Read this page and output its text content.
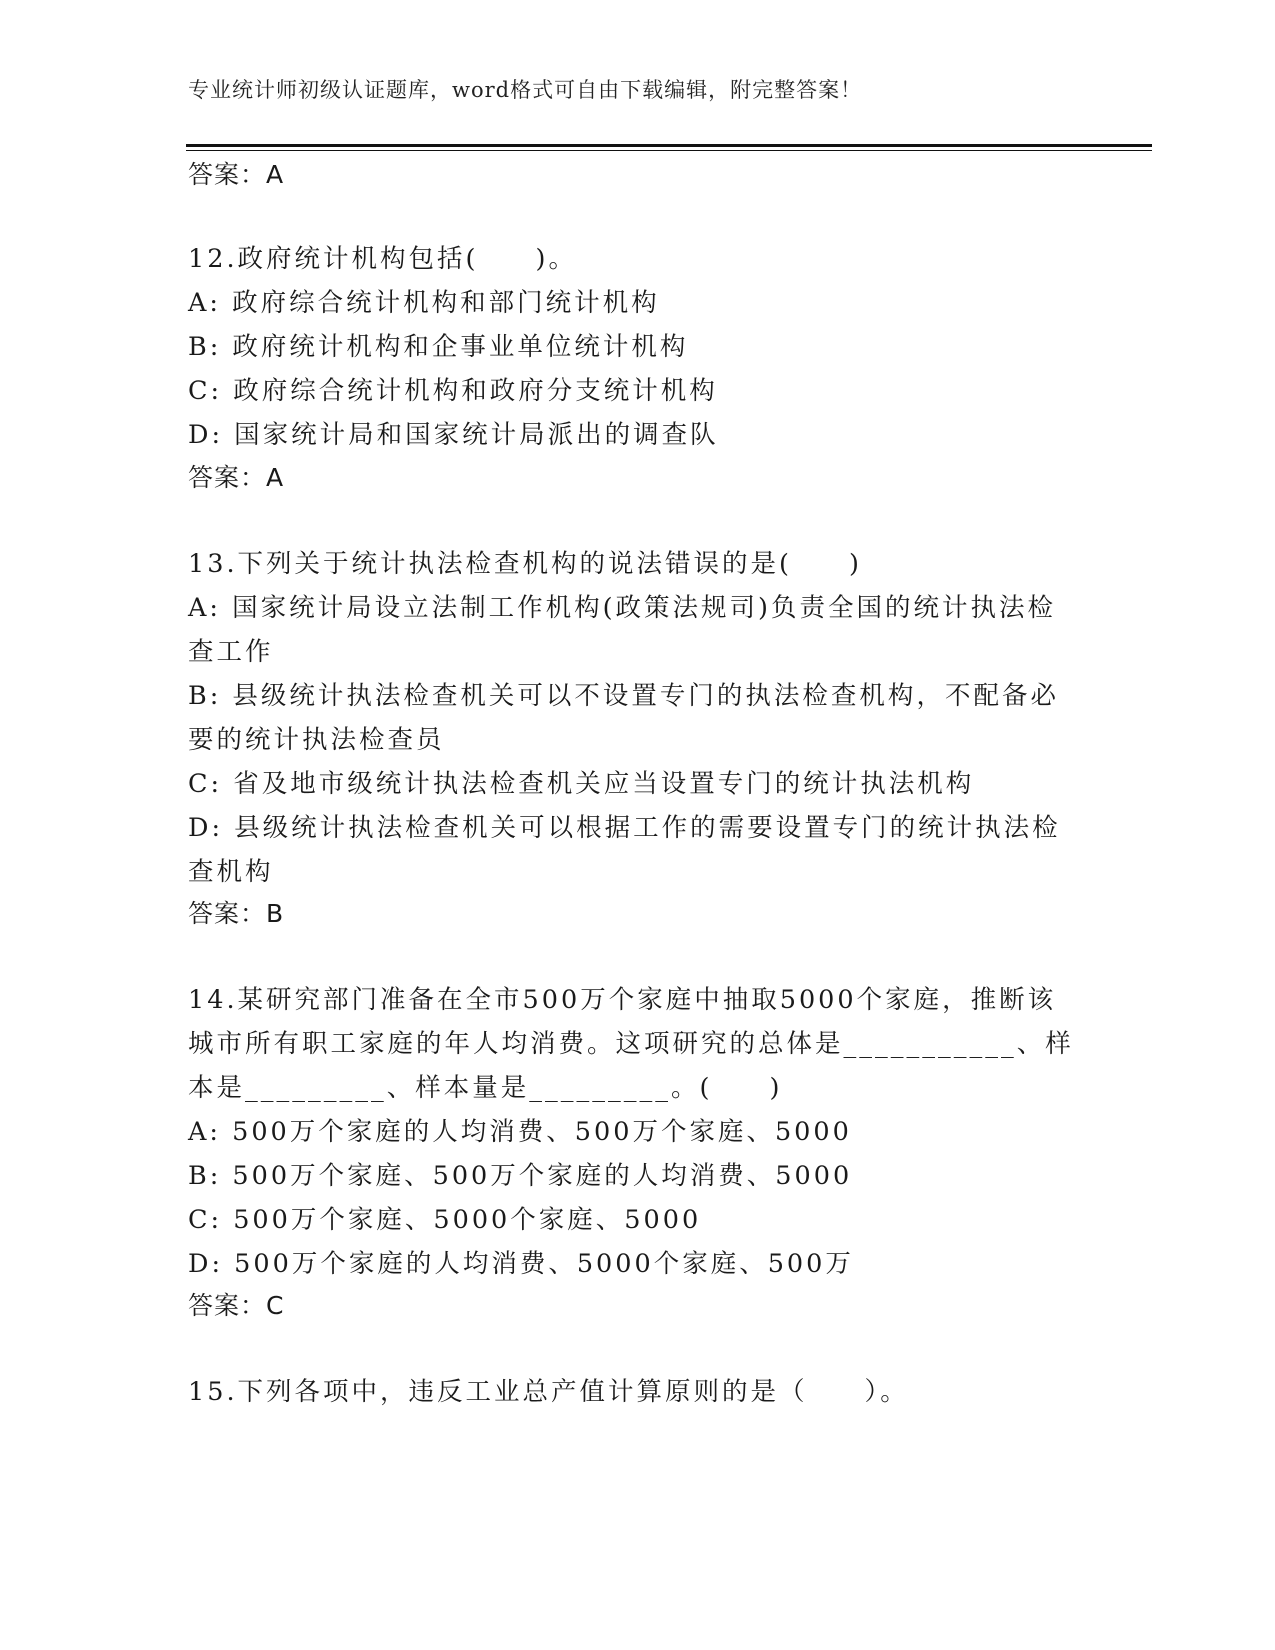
专业统计师初级认证题库，word格式可自由下载编辑，附完整答案！
答案：A
12.政府统计机构包括(　　)。
A: 政府综合统计机构和部门统计机构
B: 政府统计机构和企事业单位统计机构
C: 政府综合统计机构和政府分支统计机构
D: 国家统计局和国家统计局派出的调查队
答案：A
13.下列关于统计执法检查机构的说法错误的是(　　)
A: 国家统计局设立法制工作机构(政策法规司)负责全国的统计执法检
查工作
B: 县级统计执法检查机关可以不设置专门的执法检查机构，不配备必
要的统计执法检查员
C: 省及地市级统计执法检查机关应当设置专门的统计执法机构
D: 县级统计执法检查机关可以根据工作的需要设置专门的统计执法检
查机构
答案：B
14.某研究部门准备在全市500万个家庭中抽取5000个家庭，推断该
城市所有职工家庭的年人均消费。这项研究的总体是___________、样
本是_________、样本量是_________。(　　)
A: 500万个家庭的人均消费、500万个家庭、5000
B: 500万个家庭、500万个家庭的人均消费、5000
C: 500万个家庭、5000个家庭、5000
D: 500万个家庭的人均消费、5000个家庭、500万
答案：C
15.下列各项中，违反工业总产值计算原则的是（　　）。
